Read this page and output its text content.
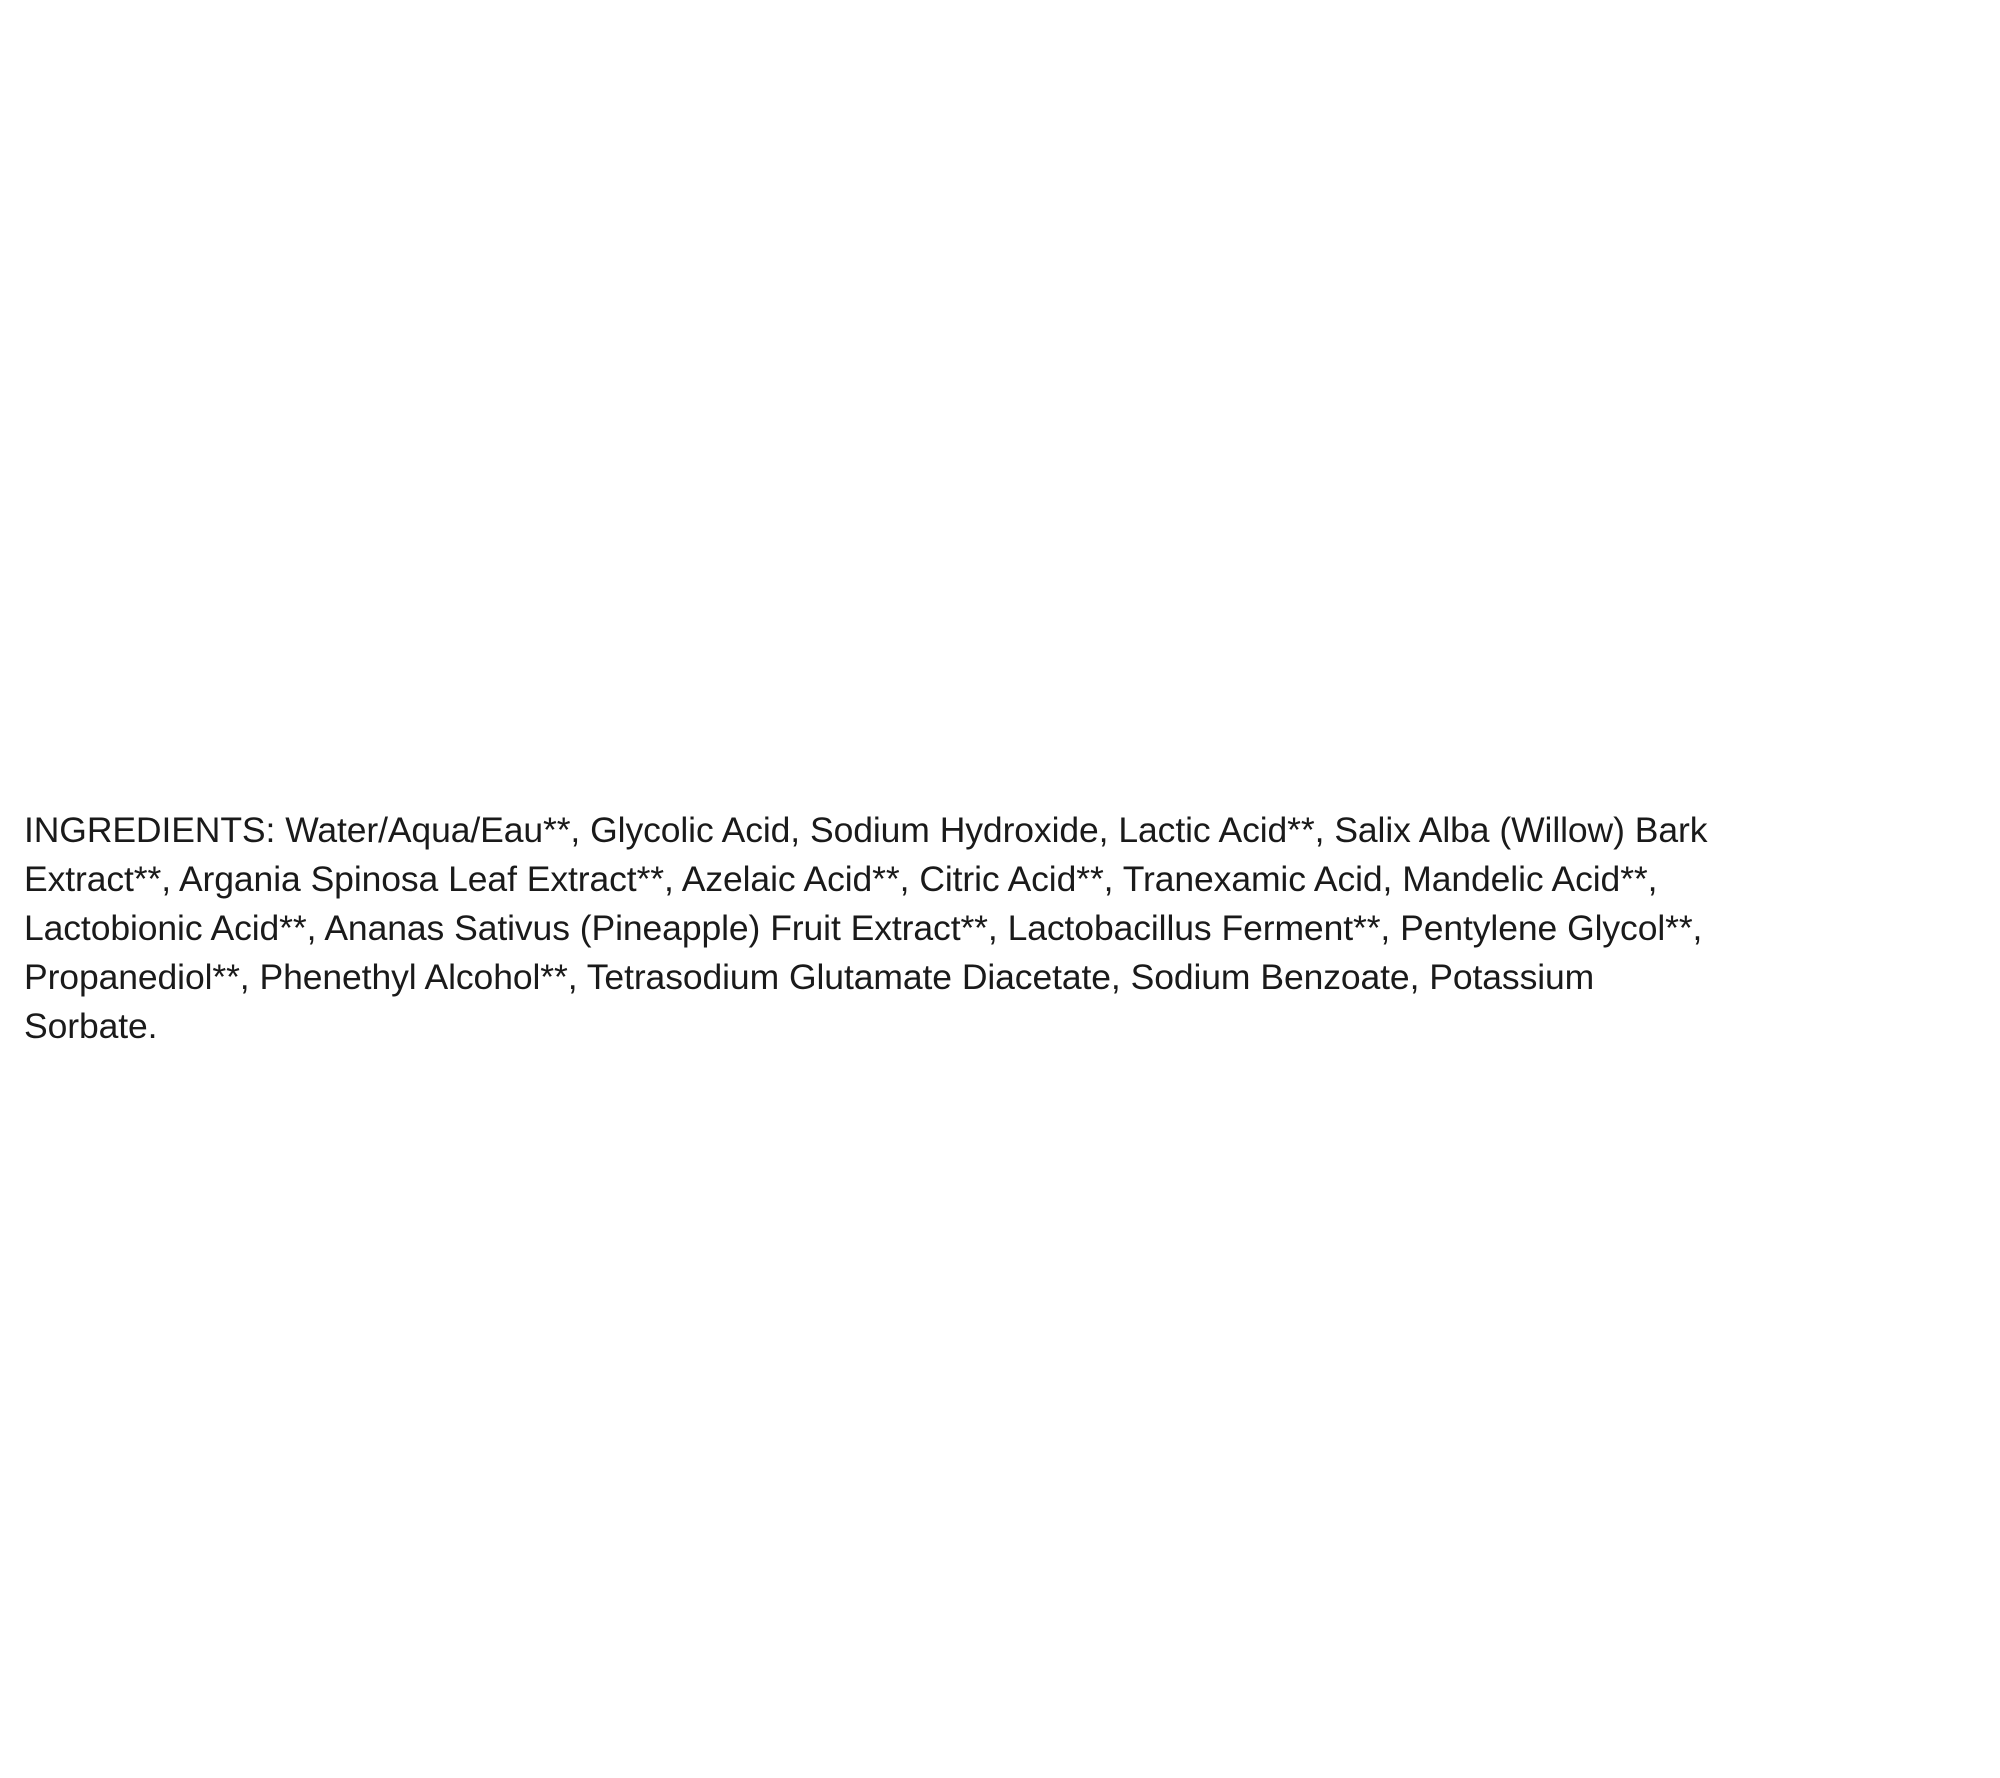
INGREDIENTS: Water/Aqua/Eau**, Glycolic Acid, Sodium Hydroxide, Lactic Acid**, Salix Alba (Willow) Bark Extract**, Argania Spinosa Leaf Extract**, Azelaic Acid**, Citric Acid**, Tranexamic Acid, Mandelic Acid**, Lactobionic Acid**, Ananas Sativus (Pineapple) Fruit Extract**, Lactobacillus Ferment**, Pentylene Glycol**, Propanediol**, Phenethyl Alcohol**, Tetrasodium Glutamate Diacetate, Sodium Benzoate, Potassium Sorbate.
